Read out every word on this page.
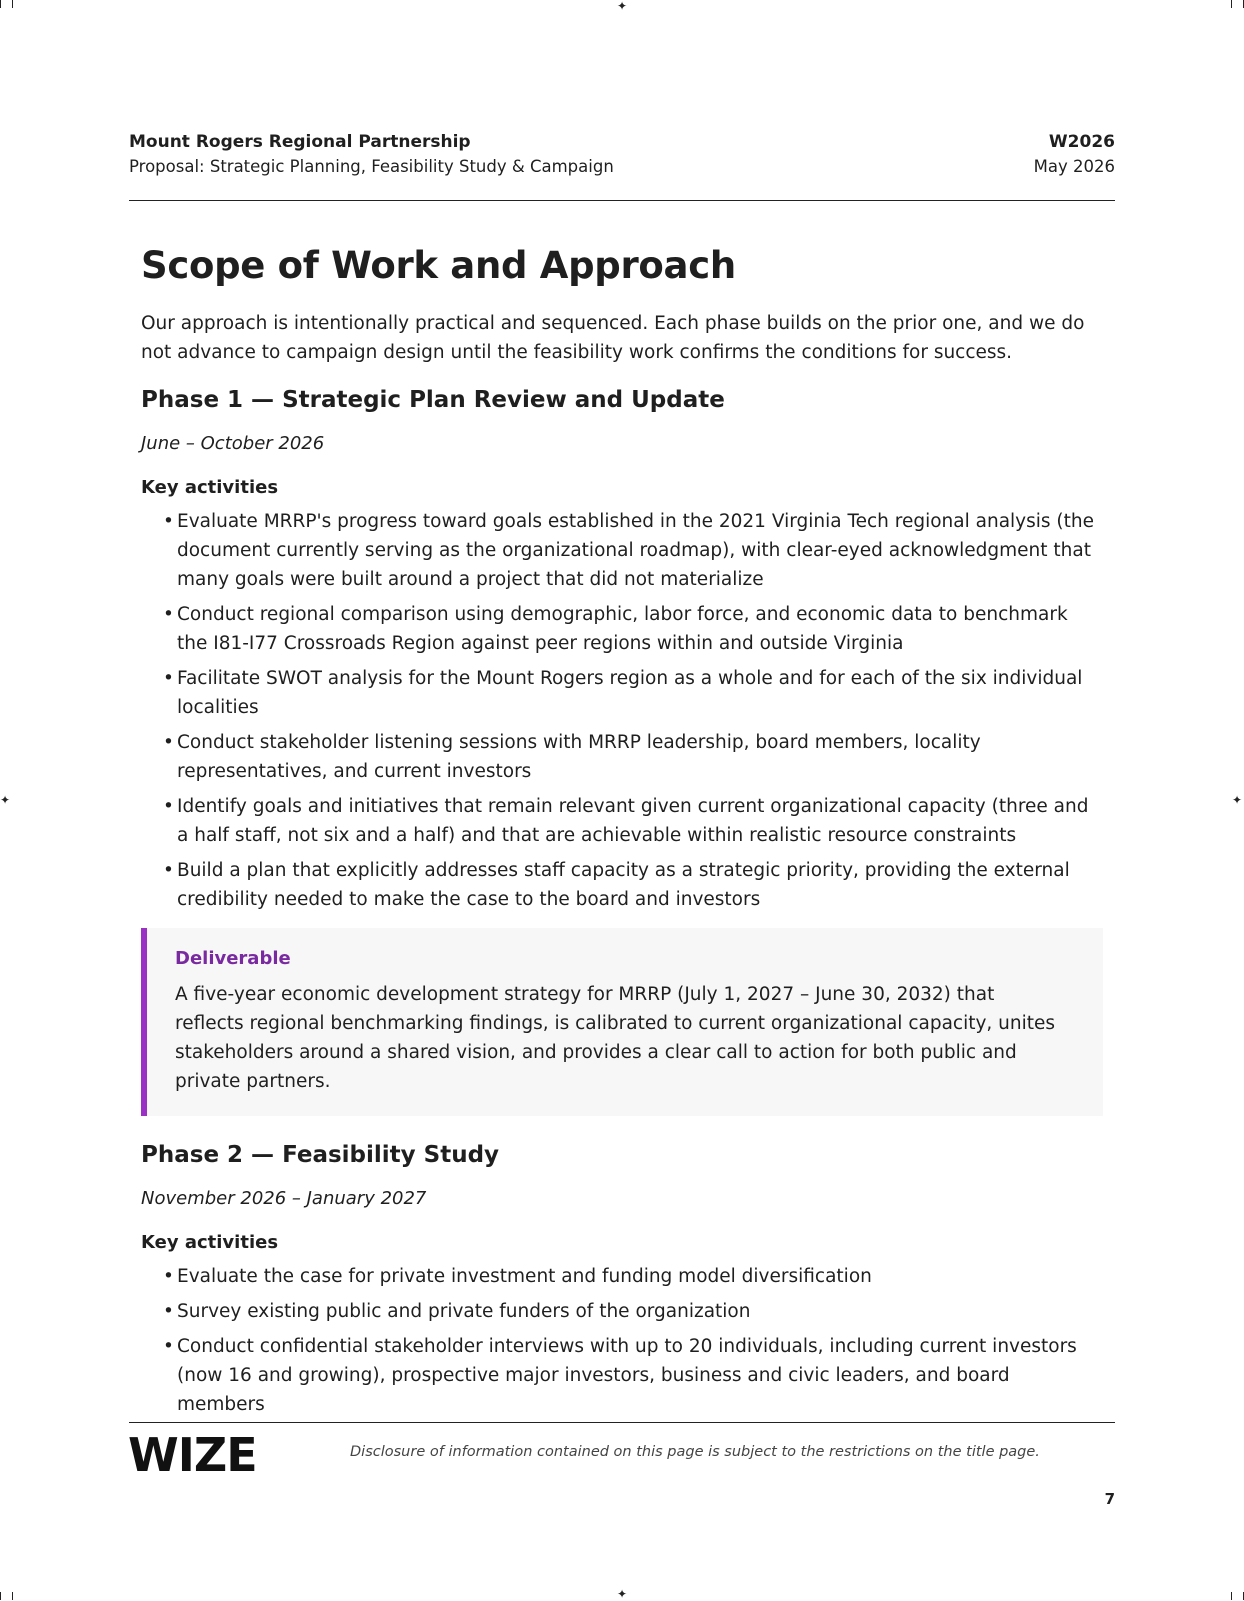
✦
✦
✦	✦
Mount Rogers Regional Partnership
Proposal: Strategic Planning, Feasibility Study & Campaign
W2026
May 2026
Scope of Work and Approach

Our approach is intentionally practical and sequenced. Each phase builds on the prior one, and we do not advance to campaign design until the feasibility work confirms the conditions for success.

Phase 1 — Strategic Plan Review and Update
June – October 2026
Key activities
• Evaluate MRRP's progress toward goals established in the 2021 Virginia Tech regional analysis (the document currently serving as the organizational roadmap), with clear-eyed acknowledgment that many goals were built around a project that did not materialize
• Conduct regional comparison using demographic, labor force, and economic data to benchmark the I81-I77 Crossroads Region against peer regions within and outside Virginia
• Facilitate SWOT analysis for the Mount Rogers region as a whole and for each of the six individual localities
• Conduct stakeholder listening sessions with MRRP leadership, board members, locality representatives, and current investors
• Identify goals and initiatives that remain relevant given current organizational capacity (three and a half staff, not six and a half) and that are achievable within realistic resource constraints
• Build a plan that explicitly addresses staff capacity as a strategic priority, providing the external credibility needed to make the case to the board and investors
Deliverable
A five-year economic development strategy for MRRP (July 1, 2027 – June 30, 2032) that reflects regional benchmarking findings, is calibrated to current organizational capacity, unites stakeholders around a shared vision, and provides a clear call to action for both public and private partners.
Phase 2 — Feasibility Study
November 2026 – January 2027
Key activities
• Evaluate the case for private investment and funding model diversification
• Survey existing public and private funders of the organization
• Conduct confidential stakeholder interviews with up to 20 individuals, including current investors (now 16 and growing), prospective major investors, business and civic leaders, and board members
WIZE	Disclosure of information contained on this page is subject to the restrictions on the title page.
7
